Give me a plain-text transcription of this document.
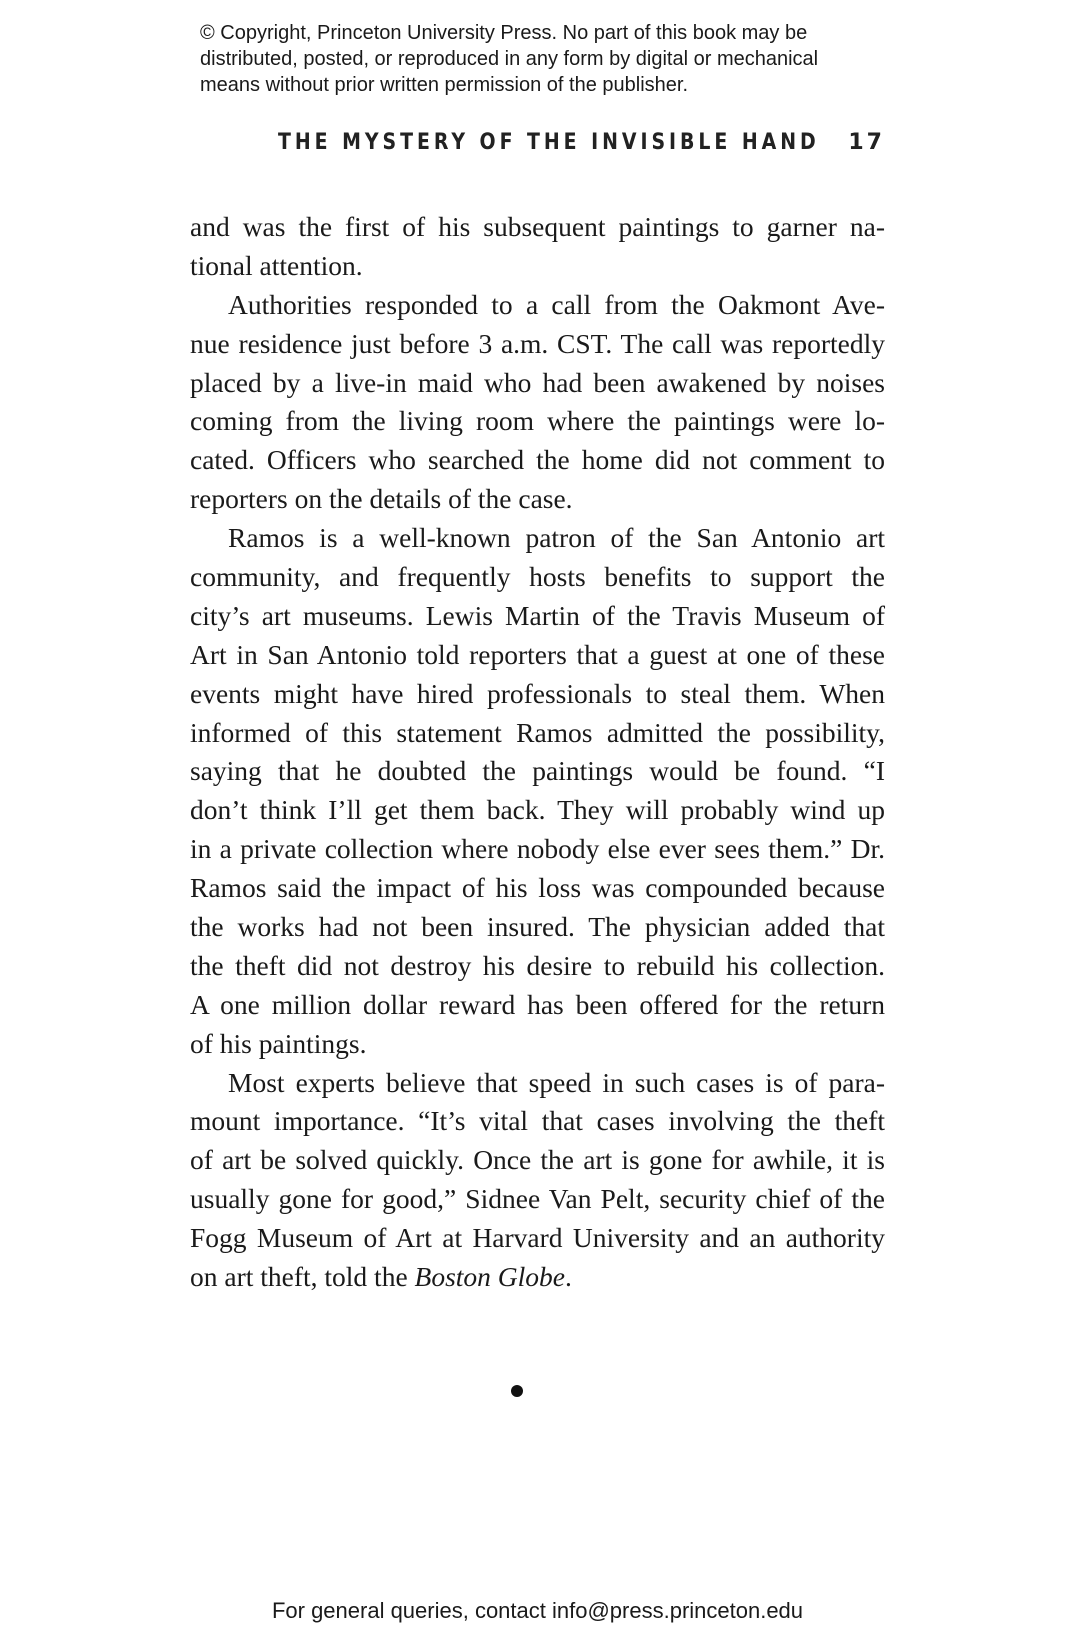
© Copyright, Princeton University Press. No part of this book may be
distributed, posted, or reproduced in any form by digital or mechanical
means without prior written permission of the publisher.
THE MYSTERY OF THE INVISIBLE HAND 17
and was the first of his subsequent paintings to garner na-
tional attention.
Authorities responded to a call from the Oakmont Ave-
nue residence just before 3 a.m. CST. The call was reportedly
placed by a live-in maid who had been awakened by noises
coming from the living room where the paintings were lo-
cated. Officers who searched the home did not comment to
reporters on the details of the case.
Ramos is a well-known patron of the San Antonio art
community, and frequently hosts benefits to support the
city’s art museums. Lewis Martin of the Travis Museum of
Art in San Antonio told reporters that a guest at one of these
events might have hired professionals to steal them. When
informed of this statement Ramos admitted the possibility,
saying that he doubted the paintings would be found. “I
don’t think I’ll get them back. They will probably wind up
in a private collection where nobody else ever sees them.” Dr.
Ramos said the impact of his loss was compounded because
the works had not been insured. The physician added that
the theft did not destroy his desire to rebuild his collection.
A one million dollar reward has been offered for the return
of his paintings.
Most experts believe that speed in such cases is of para-
mount importance. “It’s vital that cases involving the theft
of art be solved quickly. Once the art is gone for awhile, it is
usually gone for good,” Sidnee Van Pelt, security chief of the
Fogg Museum of Art at Harvard University and an authority
on art theft, told the Boston Globe.
For general queries, contact info@press.princeton.edu
